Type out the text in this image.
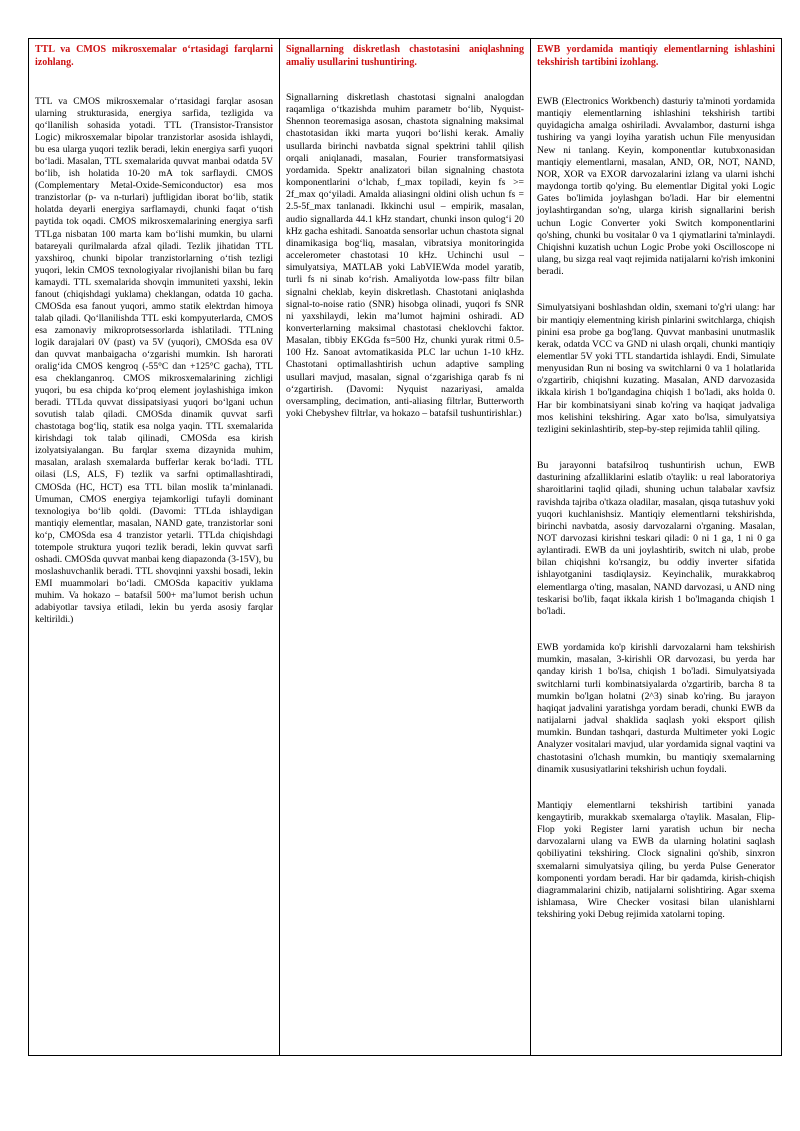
TTL va CMOS mikrosxemalar o‘rtasidagi farqlarni izohlang.

TTL va CMOS mikrosxemalar o‘rtasidagi farqlar asosan ularning strukturasida, energiya sarfida, tezligida va qo‘llanilish sohasida yotadi. TTL (Transistor-Transistor Logic) mikrosxemalar bipolar tranzistorlar asosida ishlaydi, bu esa ularga yuqori tezlik beradi, lekin energiya sarfi yuqori bo‘ladi. Masalan, TTL sxemalarida quvvat manbai odatda 5V bo‘lib, ish holatida 10-20 mA tok sarflaydi. CMOS (Complementary Metal-Oxide-Semiconductor) esa mos tranzistorlar (p- va n-turlari) juftligidan iborat bo‘lib, statik holatda deyarli energiya sarflamaydi, chunki faqat o‘tish paytida tok oqadi. CMOS mikrosxemalarining energiya sarfi TTLga nisbatan 100 marta kam bo‘lishi mumkin, bu ularni batareyali qurilmalarda afzal qiladi. Tezlik jihatidan TTL yaxshiroq, chunki bipolar tranzistorlarning o‘tish tezligi yuqori, lekin CMOS texnologiyalar rivojlanishi bilan bu farq kamaydi. TTL sxemalarida shovqin immuniteti yaxshi, lekin fanout (chiqishdagi yuklama) cheklangan, odatda 10 gacha. CMOSda esa fanout yuqori, ammo statik elektrdan himoya talab qiladi. Qo‘llanilishda TTL eski kompyuterlarda, CMOS esa zamonaviy mikroprotsessorlarda ishlatiladi. TTLning logik darajalari 0V (past) va 5V (yuqori), CMOSda esa 0V dan quvvat manbaigacha o‘zgarishi mumkin. Ish harorati oralig‘ida CMOS kengroq (-55°C dan +125°C gacha), TTL esa cheklanganroq. CMOS mikrosxemalarining zichligi yuqori, bu esa chipda ko‘proq element joylashishiga imkon beradi. TTLda quvvat dissipatsiyasi yuqori bo‘lgani uchun sovutish talab qiladi. CMOSda dinamik quvvat sarfi chastotaga bog‘liq, statik esa nolga yaqin. TTL sxemalarida kirishdagi tok talab qilinadi, CMOSda esa kirish izolyatsiyalangan. Bu farqlar sxema dizaynida muhim, masalan, aralash sxemalarda bufferlar kerak bo‘ladi. TTL oilasi (LS, ALS, F) tezlik va sarfni optimallashtiradi, CMOSda (HC, HCT) esa TTL bilan moslik ta’minlanadi. Umuman, CMOS energiya tejamkorligi tufayli dominant texnologiya bo‘lib qoldi. (Davomi: TTLda ishlaydigan mantiqiy elementlar, masalan, NAND gate, tranzistorlar soni ko‘p, CMOSda esa 4 tranzistor yetarli. TTLda chiqishdagi totempole struktura yuqori tezlik beradi, lekin quvvat sarfi oshadi. CMOSda quvvat manbai keng diapazonda (3-15V), bu moslashuvchanlik beradi. TTL shovqinni yaxshi bosadi, lekin EMI muammolari bo‘ladi. CMOSda kapacitiv yuklama muhim. Va hokazo – batafsil 500+ ma’lumot berish uchun adabiyotlar tavsiya etiladi, lekin bu yerda asosiy farqlar keltirildi.)

Signallarning diskretlash chastotasini aniqlashning amaliy usullarini tushuntiring.

Signallarning diskretlash chastotasi signalni analogdan raqamliga o‘tkazishda muhim parametr bo‘lib, Nyquist-Shennon teoremasiga asosan, chastota signalning maksimal chastotasidan ikki marta yuqori bo‘lishi kerak. Amaliy usullarda birinchi navbatda signal spektrini tahlil qilish orqali aniqlanadi, masalan, Fourier transformatsiyasi yordamida. Spektr analizatori bilan signalning chastota komponentlarini o‘lchab, f_max topiladi, keyin fs >= 2f_max qo‘yiladi. Amalda aliasingni oldini olish uchun fs = 2.5-5f_max tanlanadi. Ikkinchi usul – empirik, masalan, audio signallarda 44.1 kHz standart, chunki inson qulog‘i 20 kHz gacha eshitadi. Sanoatda sensorlar uchun chastota signal dinamikasiga bog‘liq, masalan, vibratsiya monitoringida accelerometer chastotasi 10 kHz. Uchinchi usul – simulyatsiya, MATLAB yoki LabVIEWda model yaratib, turli fs ni sinab ko‘rish. Amaliyotda low-pass filtr bilan signalni cheklab, keyin diskretlash. Chastotani aniqlashda signal-to-noise ratio (SNR) hisobga olinadi, yuqori fs SNR ni yaxshilaydi, lekin ma’lumot hajmini oshiradi. AD konverterlarning maksimal chastotasi cheklovchi faktor. Masalan, tibbiy EKGda fs=500 Hz, chunki yurak ritmi 0.5-100 Hz. Sanoat avtomatikasida PLC lar uchun 1-10 kHz. Chastotani optimallashtirish uchun adaptive sampling usullari mavjud, masalan, signal o‘zgarishiga qarab fs ni o‘zgartirish. (Davomi: Nyquist nazariyasi, amalda oversampling, decimation, anti-aliasing filtrlar, Butterworth yoki Chebyshev filtrlar, va hokazo – batafsil tushuntirishlar.)

EWB yordamida mantiqiy elementlarning ishlashini tekshirish tartibini izohlang.

EWB (Electronics Workbench) dasturiy ta'minoti yordamida mantiqiy elementlarning ishlashini tekshirish tartibi quyidagicha amalga oshiriladi. Avvalambor, dasturni ishga tushiring va yangi loyiha yaratish uchun File menyusidan New ni tanlang. Keyin, komponentlar kutubxonasidan mantiqiy elementlarni, masalan, AND, OR, NOT, NAND, NOR, XOR va EXOR darvozalarini izlang va ularni ishchi maydonga tortib qo'ying. Bu elementlar Digital yoki Logic Gates bo'limida joylashgan bo'ladi. Har bir elementni joylashtirgandan so'ng, ularga kirish signallarini berish uchun Logic Converter yoki Switch komponentlarini qo'shing, chunki bu vositalar 0 va 1 qiymatlarini ta'minlaydi. Chiqishni kuzatish uchun Logic Probe yoki Oscilloscope ni ulang, bu sizga real vaqt rejimida natijalarni ko'rish imkonini beradi.

Simulyatsiyani boshlashdan oldin, sxemani to'g'ri ulang: har bir mantiqiy elementning kirish pinlarini switchlarga, chiqish pinini esa probe ga bog'lang. Quvvat manbasini unutmaslik kerak, odatda VCC va GND ni ulash orqali, chunki mantiqiy elementlar 5V yoki TTL standartida ishlaydi. Endi, Simulate menyusidan Run ni bosing va switchlarni 0 va 1 holatlarida o'zgartirib, chiqishni kuzating. Masalan, AND darvozasida ikkala kirish 1 bo'lgandagina chiqish 1 bo'ladi, aks holda 0. Har bir kombinatsiyani sinab ko'ring va haqiqat jadvaliga mos kelishini tekshiring. Agar xato bo'lsa, simulyatsiya tezligini sekinlashtirib, step-by-step rejimida tahlil qiling.

Bu jarayonni batafsilroq tushuntirish uchun, EWB dasturining afzalliklarini eslatib o'taylik: u real laboratoriya sharoitlarini taqlid qiladi, shuning uchun talabalar xavfsiz ravishda tajriba o'tkaza oladilar, masalan, qisqa tutashuv yoki yuqori kuchlanishsiz. Mantiqiy elementlarni tekshirishda, birinchi navbatda, asosiy darvozalarni o'rganing. Masalan, NOT darvozasi kirishni teskari qiladi: 0 ni 1 ga, 1 ni 0 ga aylantiradi. EWB da uni joylashtirib, switch ni ulab, probe bilan chiqishni ko'rsangiz, bu oddiy inverter sifatida ishlayotganini tasdiqlaysiz. Keyinchalik, murakkabroq elementlarga o'ting, masalan, NAND darvozasi, u AND ning teskarisi bo'lib, faqat ikkala kirish 1 bo'lmaganda chiqish 1 bo'ladi.

EWB yordamida ko'p kirishli darvozalarni ham tekshirish mumkin, masalan, 3-kirishli OR darvozasi, bu yerda har qanday kirish 1 bo'lsa, chiqish 1 bo'ladi. Simulyatsiyada switchlarni turli kombinatsiyalarda o'zgartirib, barcha 8 ta mumkin bo'lgan holatni (2^3) sinab ko'ring. Bu jarayon haqiqat jadvalini yaratishga yordam beradi, chunki EWB da natijalarni jadval shaklida saqlash yoki eksport qilish mumkin. Bundan tashqari, dasturda Multimeter yoki Logic Analyzer vositalari mavjud, ular yordamida signal vaqtini va chastotasini o'lchash mumkin, bu mantiqiy sxemalarning dinamik xususiyatlarini tekshirish uchun foydali.

Mantiqiy elementlarni tekshirish tartibini yanada kengaytirib, murakkab sxemalarga o'taylik. Masalan, Flip-Flop yoki Register larni yaratish uchun bir necha darvozalarni ulang va EWB da ularning holatini saqlash qobiliyatini tekshiring. Clock signalini qo'shib, sinxron sxemalarni simulyatsiya qiling, bu yerda Pulse Generator komponenti yordam beradi. Har bir qadamda, kirish-chiqish diagrammalarini chizib, natijalarni solishtiring. Agar sxema ishlamasa, Wire Checker vositasi bilan ulanishlarni tekshiring yoki Debug rejimida xatolarni toping.
